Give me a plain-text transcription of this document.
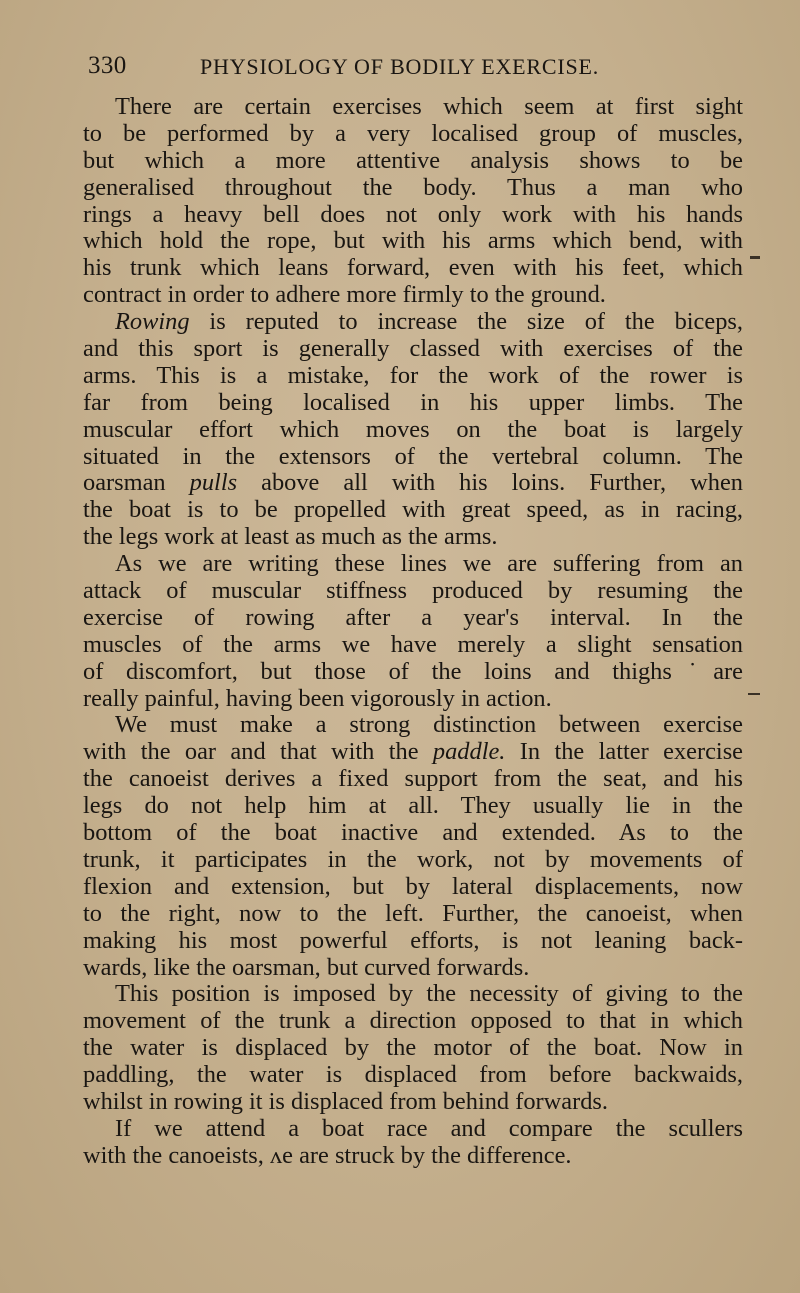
330	PHYSIOLOGY OF BODILY EXERCISE.
There are certain exercises which seem at first sight
to be performed by a very localised group of muscles,
but which a more attentive analysis shows to be
generalised throughout the body. Thus a man who
rings a heavy bell does not only work with his hands
which hold the rope, but with his arms which bend, with
his trunk which leans forward, even with his feet, which
contract in order to adhere more firmly to the ground.
Rowing is reputed to increase the size of the biceps,
and this sport is generally classed with exercises of the
arms. This is a mistake, for the work of the rower is
far from being localised in his upper limbs. The
muscular effort which moves on the boat is largely
situated in the extensors of the vertebral column. The
oarsman pulls above all with his loins. Further, when
the boat is to be propelled with great speed, as in racing,
the legs work at least as much as the arms.
As we are writing these lines we are suffering from an
attack of muscular stiffness produced by resuming the
exercise of rowing after a year's interval. In the
muscles of the arms we have merely a slight sensation
of discomfort, but those of the loins and thighs˙are
really painful, having been vigorously in action.
We must make a strong distinction between exercise
with the oar and that with the paddle. In the latter exercise
the canoeist derives a fixed support from the seat, and his
legs do not help him at all. They usually lie in the
bottom of the boat inactive and extended. As to the
trunk, it participates in the work, not by movements of
flexion and extension, but by lateral displacements, now
to the right, now to the left. Further, the canoeist, when
making his most powerful efforts, is not leaning back-
wards, like the oarsman, but curved forwards.
This position is imposed by the necessity of giving to the
movement of the trunk a direction opposed to that in which
the water is displaced by the motor of the boat. Now in
paddling, the water is displaced from before backwaids,
whilst in rowing it is displaced from behind forwards.
If we attend a boat race and compare the scullers
with the canoeists, ʌe are struck by the difference.
